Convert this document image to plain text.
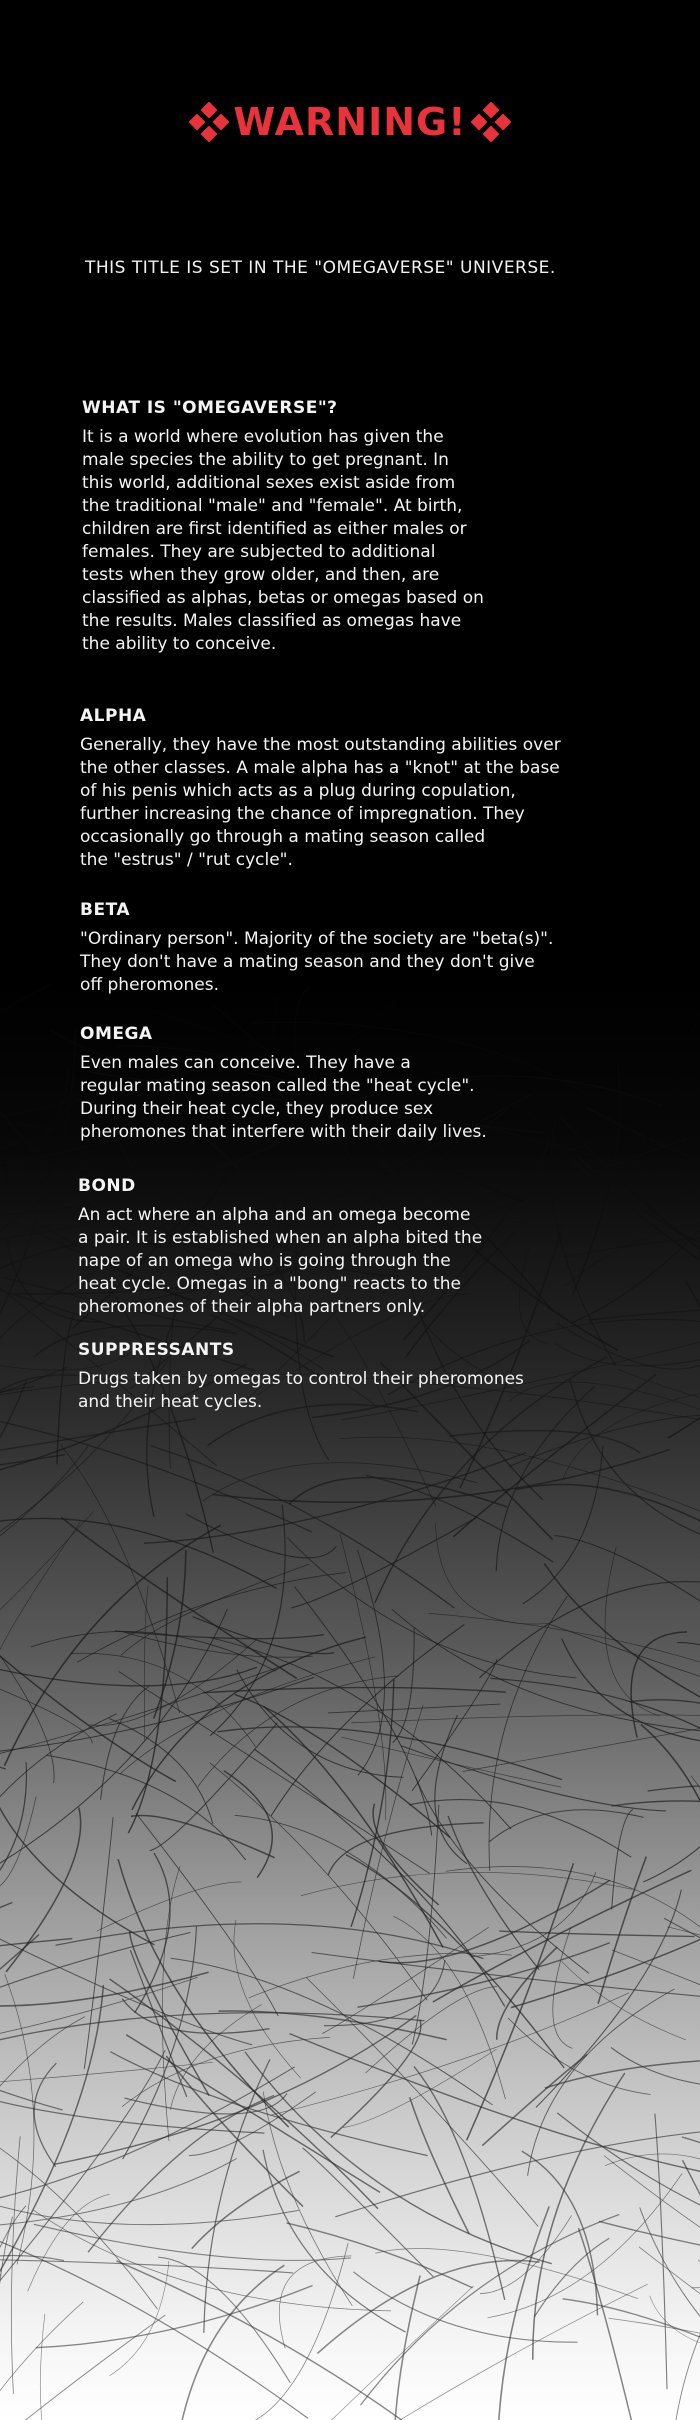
WARNING!
THIS TITLE IS SET IN THE "OMEGAVERSE" UNIVERSE.
WHAT IS "OMEGAVERSE"?
It is a world where evolution has given the
male species the ability to get pregnant. In
this world, additional sexes exist aside from
the traditional "male" and "female". At birth,
children are first identified as either males or
females. They are subjected to additional
tests when they grow older, and then, are
classified as alphas, betas or omegas based on
the results. Males classified as omegas have
the ability to conceive.
ALPHA
Generally, they have the most outstanding abilities over
the other classes. A male alpha has a "knot" at the base
of his penis which acts as a plug during copulation,
further increasing the chance of impregnation. They
occasionally go through a mating season called
the "estrus" / "rut cycle".
BETA
"Ordinary person". Majority of the society are "beta(s)".
They don't have a mating season and they don't give
off pheromones.
OMEGA
Even males can conceive. They have a
regular mating season called the "heat cycle".
During their heat cycle, they produce sex
pheromones that interfere with their daily lives.
BOND
An act where an alpha and an omega become
a pair. It is established when an alpha bited the
nape of an omega who is going through the
heat cycle. Omegas in a "bong" reacts to the
pheromones of their alpha partners only.
SUPPRESSANTS
Drugs taken by omegas to control their pheromones
and their heat cycles.
